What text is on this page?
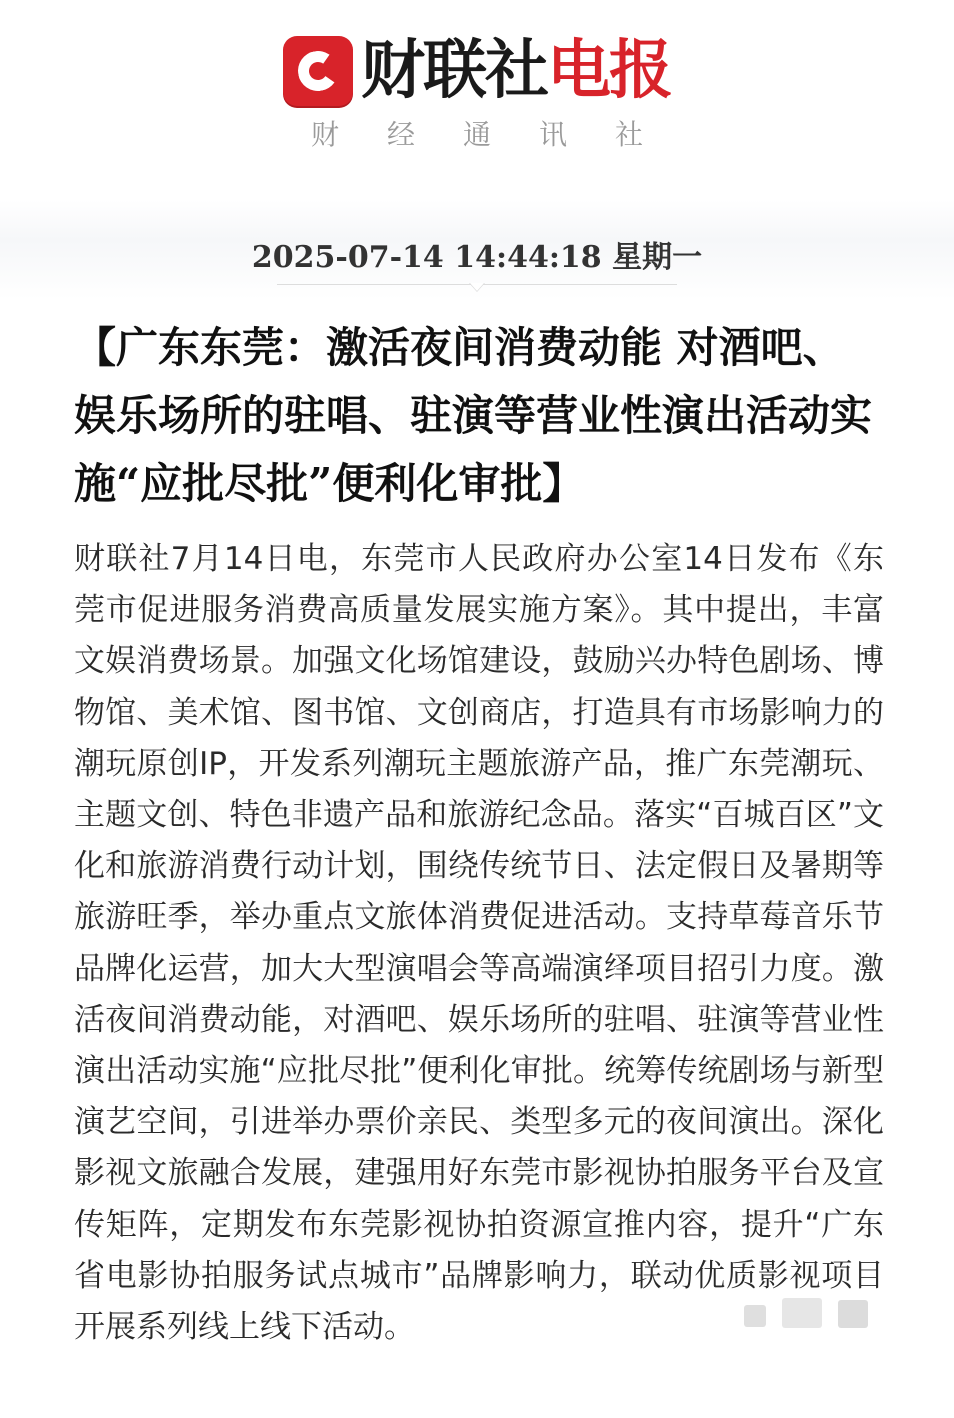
财联社 电报
财经通讯社
2025-07-14 14:44:18 星期一
【广东东莞：激活夜间消费动能 对酒吧、娱乐场所的驻唱、驻演等营业性演出活动实施“应批尽批”便利化审批】
财联社7月14日电，东莞市人民政府办公室14日发布《东莞市促进服务消费高质量发展实施方案》。其中提出，丰富文娱消费场景。加强文化场馆建设，鼓励兴办特色剧场、博物馆、美术馆、图书馆、文创商店，打造具有市场影响力的潮玩原创IP，开发系列潮玩主题旅游产品，推广东莞潮玩、主题文创、特色非遗产品和旅游纪念品。落实“百城百区”文化和旅游消费行动计划，围绕传统节日、法定假日及暑期等旅游旺季，举办重点文旅体消费促进活动。支持草莓音乐节品牌化运营，加大大型演唱会等高端演绎项目招引力度。激活夜间消费动能，对酒吧、娱乐场所的驻唱、驻演等营业性演出活动实施“应批尽批”便利化审批。统筹传统剧场与新型演艺空间，引进举办票价亲民、类型多元的夜间演出。深化影视文旅融合发展，建强用好东莞市影视协拍服务平台及宣传矩阵，定期发布东莞影视协拍资源宣推内容，提升“广东省电影协拍服务试点城市”品牌影响力，联动优质影视项目开展系列线上线下活动。
